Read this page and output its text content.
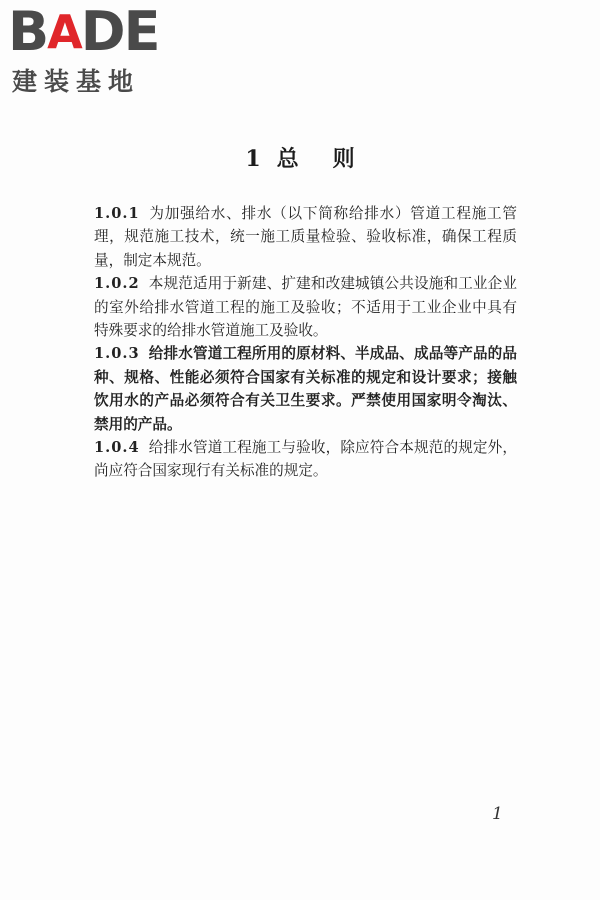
B A D E
建装基地
1 总则

1.0.1 为加强给水、排水（以下简称给排水）管道工程施工管理，规范施工技术，统一施工质量检验、验收标准，确保工程质量，制定本规范。

1.0.2 本规范适用于新建、扩建和改建城镇公共设施和工业企业的室外给排水管道工程的施工及验收；不适用于工业企业中具有特殊要求的给排水管道施工及验收。

1.0.3 给排水管道工程所用的原材料、半成品、成品等产品的品种、规格、性能必须符合国家有关标准的规定和设计要求；接触饮用水的产品必须符合有关卫生要求。严禁使用国家明令淘汰、禁用的产品。

1.0.4 给排水管道工程施工与验收，除应符合本规范的规定外，尚应符合国家现行有关标准的规定。

1
